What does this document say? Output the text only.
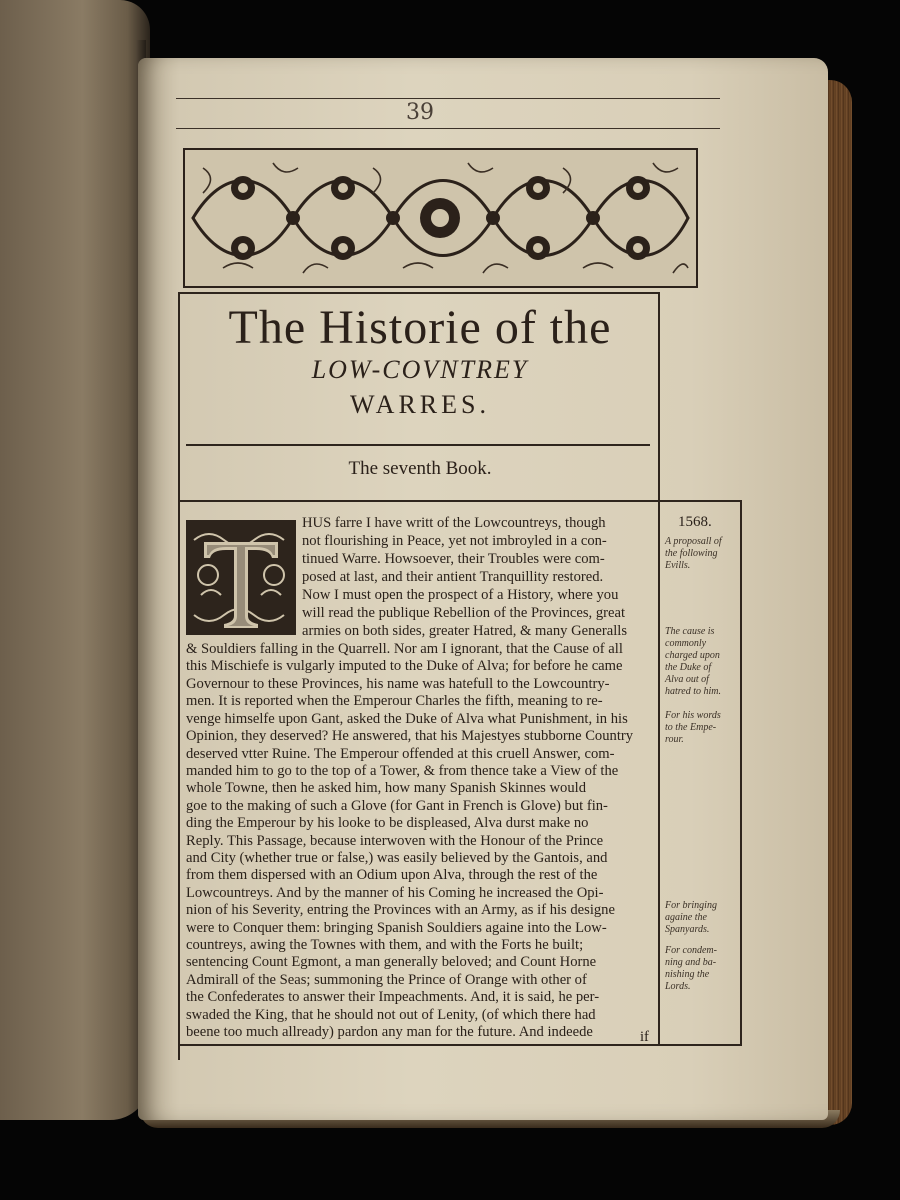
39
The Historie of the
LOW-COVNTREY
WARRES.
The seventh Book.
HUS farre I have writt of the Lowcountreys, though
not flourishing in Peace, yet not imbroyled in a con-
tinued Warre. Howsoever, their Troubles were com-
posed at last, and their antient Tranquillity restored.
Now I must open the prospect of a History, where you
will read the publique Rebellion of the Provinces, great
armies on both sides, greater Hatred, & many Generalls
& Souldiers falling in the Quarrell. Nor am I ignorant, that the Cause of all
this Mischiefe is vulgarly imputed to the Duke of Alva; for before he came
Governour to these Provinces, his name was hatefull to the Lowcountry-
men. It is reported when the Emperour Charles the fifth, meaning to re-
venge himselfe upon Gant, asked the Duke of Alva what Punishment, in his
Opinion, they deserved? He answered, that his Majestyes stubborne Country
deserved vtter Ruine. The Emperour offended at this cruell Answer, com-
manded him to go to the top of a Tower, & from thence take a View of the
whole Towne, then he asked him, how many Spanish Skinnes would
goe to the making of such a Glove (for Gant in French is Glove) but fin-
ding the Emperour by his looke to be displeased, Alva durst make no
Reply. This Passage, because interwoven with the Honour of the Prince
and City (whether true or false,) was easily believed by the Gantois, and
from them dispersed with an Odium upon Alva, through the rest of the
Lowcountreys. And by the manner of his Coming he increased the Opi-
nion of his Severity, entring the Provinces with an Army, as if his designe
were to Conquer them: bringing Spanish Souldiers againe into the Low-
countreys, awing the Townes with them, and with the Forts he built;
sentencing Count Egmont, a man generally beloved; and Count Horne
Admirall of the Seas; summoning the Prince of Orange with other of
the Confederates to answer their Impeachments. And, it is said, he per-
swaded the King, that he should not out of Lenity, (of which there had
beene too much allready) pardon any man for the future. And indeede	if
1568.
A proposall of
the following
Evills.
The cause is
commonly
charged upon
the Duke of
Alva out of
hatred to him.
For his words
to the Empe-
rour.
For bringing
againe the
Spanyards.
For condem-
ning and ba-
nishing the
Lords.
